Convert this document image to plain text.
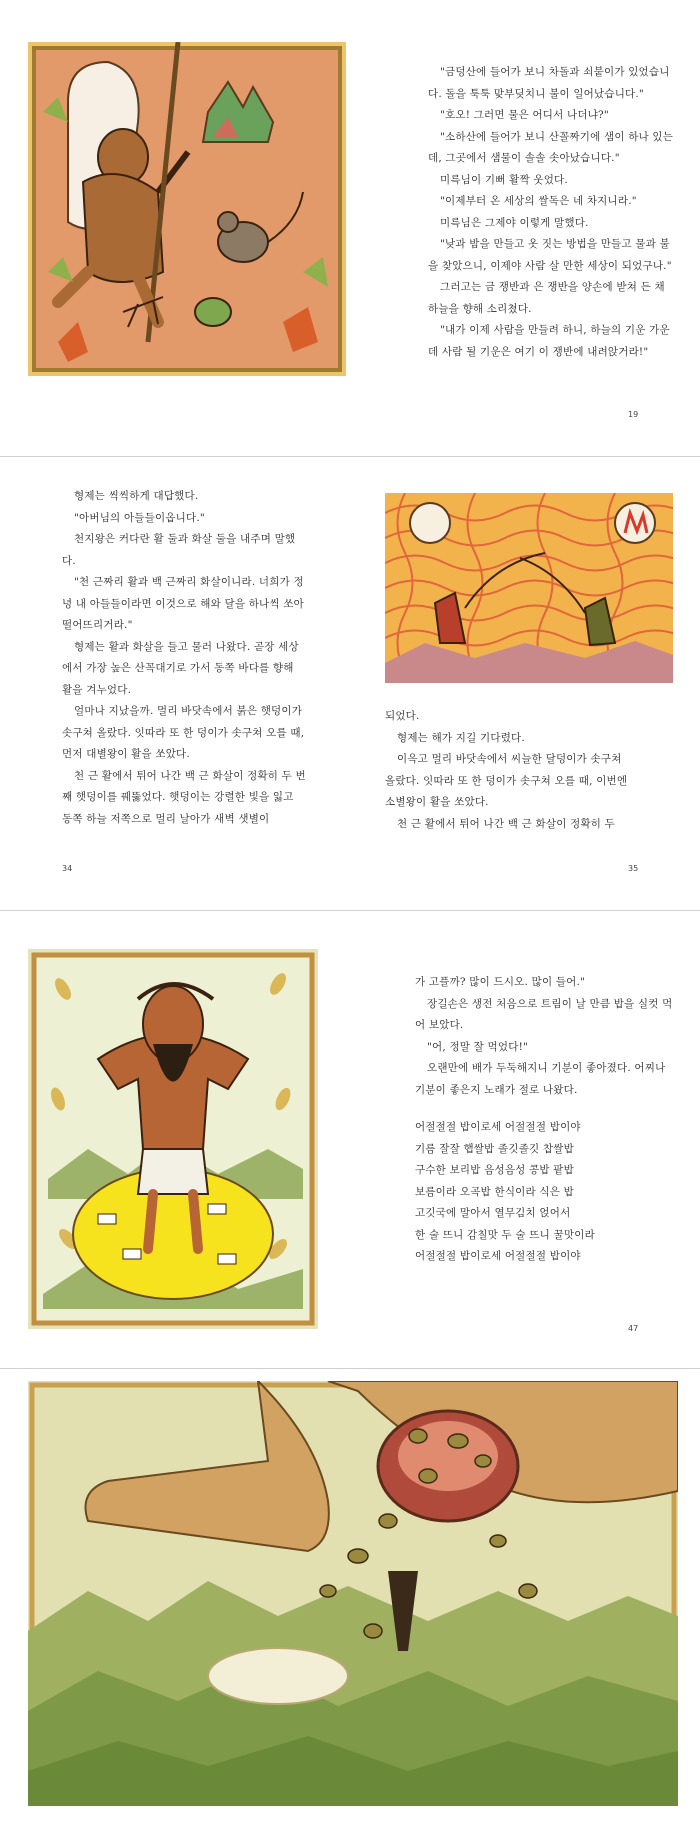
"금덩산에 들어가 보니 차돌과 쇠붙이가 있었습니다. 돌을 툭툭 맞부딪치니 불이 일어났습니다."

"호오! 그러면 물은 어디서 나더냐?"

"소하산에 들어가 보니 산꼴짜기에 샘이 하나 있는데, 그곳에서 샘물이 솔솔 솟아났습니다."

미륵님이 기뻐 활짝 웃었다.

"이제부터 온 세상의 쌀독은 네 차지니라."

미륵님은 그제야 이렇게 말했다.

"낮과 밤을 만들고 옷 짓는 방법을 만들고 물과 불을 찾았으니, 이제야 사람 살 만한 세상이 되었구나."

그러고는 금 쟁반과 은 쟁반을 양손에 받쳐 든 채 하늘을 향해 소리쳤다.

"내가 이제 사람을 만들려 하니, 하늘의 기운 가운데 사람 될 기운은 여기 이 쟁반에 내려앉거라!"

19

형제는 씩씩하게 대답했다.

"아버님의 아들들이옵니다."

천지왕은 커다란 활 둘과 화살 둘을 내주며 말했다.

"천 근짜리 활과 백 근짜리 화살이니라. 너희가 정녕 내 아들들이라면 이것으로 해와 달을 하나씩 쏘아 떨어뜨리거라."

형제는 활과 화살을 들고 물러 나왔다. 곧장 세상에서 가장 높은 산꼭대기로 가서 동쪽 바다를 향해 활을 겨누었다.

얼마나 지났을까. 멀리 바닷속에서 붉은 햇덩이가 솟구쳐 올랐다. 잇따라 또 한 덩이가 솟구쳐 오를 때, 먼저 대별왕이 활을 쏘았다.

천 근 활에서 튀어 나간 백 근 화살이 정확히 두 번째 햇덩이를 꿰뚫었다. 햇덩이는 강렬한 빛을 잃고 동쪽 하늘 저쪽으로 멀리 날아가 새벽 샛별이

34

되었다.

형제는 해가 지길 기다렸다.

이윽고 멀리 바닷속에서 씨늘한 달덩이가 솟구쳐 올랐다. 잇따라 또 한 덩이가 솟구쳐 오를 때, 이번엔 소별왕이 활을 쏘았다.

천 근 활에서 튀어 나간 백 근 화살이 정확히 두

35

가 고플까? 많이 드시오. 많이 들어."

장길손은 생전 처음으로 트림이 날 만큼 밥을 실컷 먹어 보았다.

"어, 정말 잘 먹었다!"

오랜만에 배가 두둑해지니 기분이 좋아졌다. 어찌나 기분이 좋은지 노래가 절로 나왔다.

어절절절 밥이로세 어절절절 밥이야

기름 잘잘 햅쌀밥 졸깃졸깃 찹쌀밥

구수한 보리밥 음성음성 콩밥 팥밥

보름이라 오곡밥 한식이라 식은 밥

고깃국에 말아서 열무김치 얹어서

한 술 뜨니 감칠맛 두 술 뜨니 꿀맛이라

어절절절 밥이로세 어절절절 밥이야

47
